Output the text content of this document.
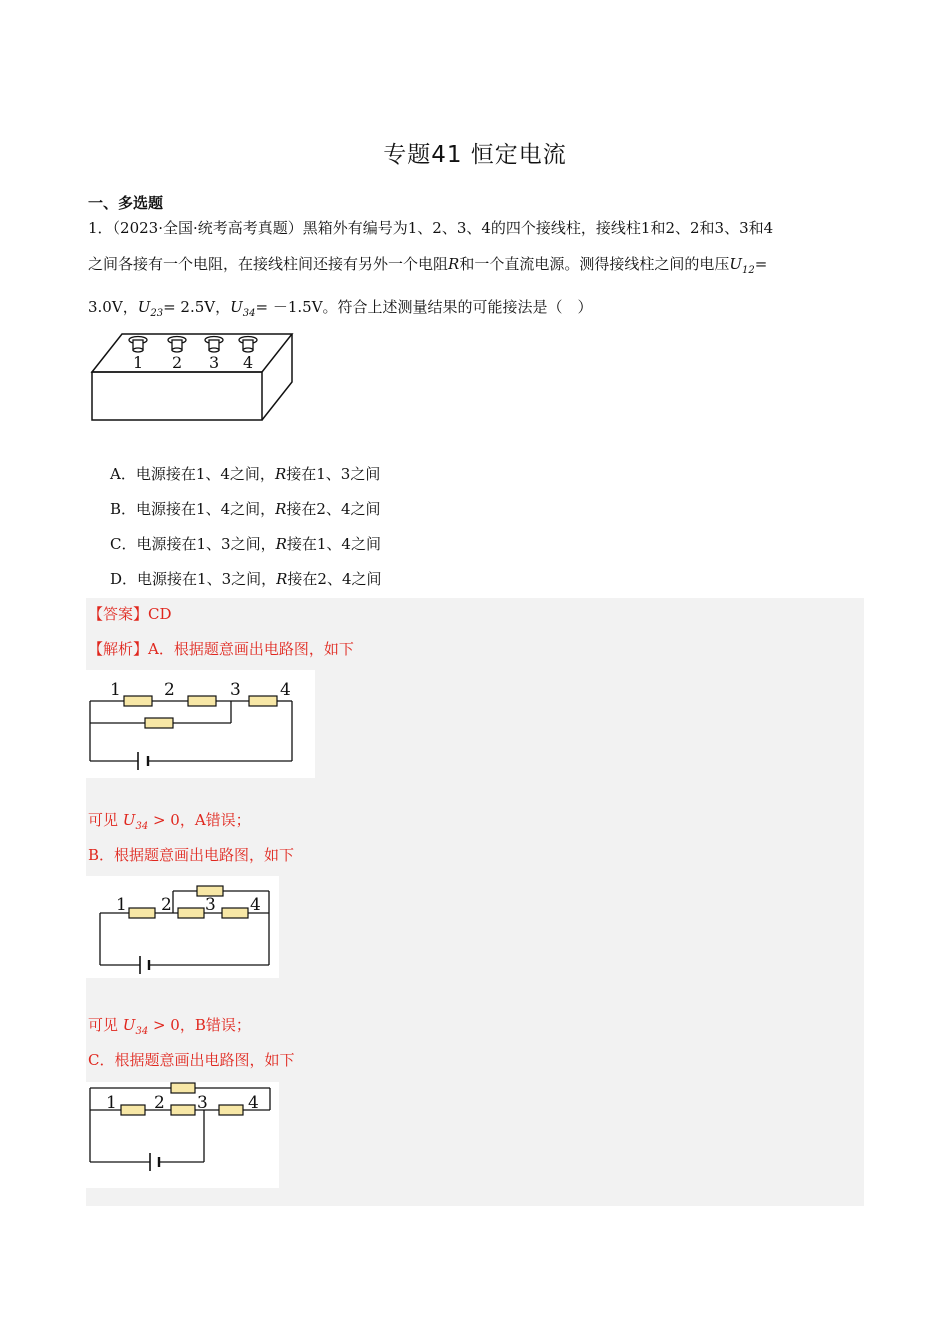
专题41 恒定电流
一、多选题

1．（2023·全国·统考高考真题）黑箱外有编号为1、2、3、4的四个接线柱，接线柱1和2、2和3、3和4

之间各接有一个电阻，在接线柱间还接有另外一个电阻R和一个直流电源。测得接线柱之间的电压$U_{12}=$

3.0V，$U_{23}= 2.5V$，$U_{34}= -1.5V$。符合上述测量结果的可能接法是（　）

1 2 3 4
A．电源接在1、4之间，R接在1、3之间
B．电源接在1、4之间，R接在2、4之间
C．电源接在1、3之间，R接在1、4之间
D．电源接在1、3之间，R接在2、4之间
【答案】CD
【解析】A．根据题意画出电路图，如下
1	2	3 4
可见 $U_{34} > 0$，A错误；
B．根据题意画出电路图，如下
1 2 3 4
可见 $U_{34} > 0$，B错误；
C．根据题意画出电路图，如下
1 2 3 4
